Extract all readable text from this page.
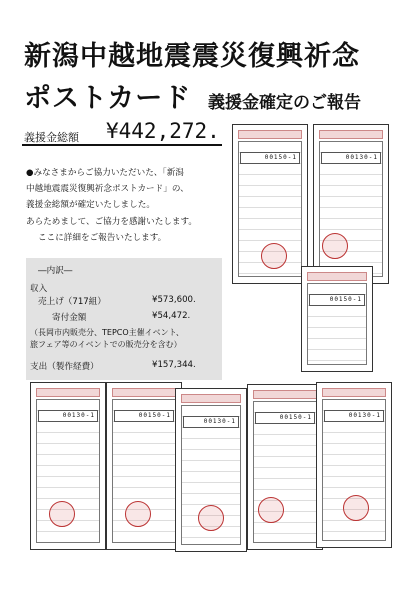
新潟中越地震震災復興祈念
ポストカード 義援金確定のご報告
義援金総額 ¥442,272.
●みなさまからご協力いただいた、「新潟
中越地震震災復興祈念ポストカード」の、
義援金総額が確定いたしました。
あらためまして、ご協力を感謝いたします。
ここに詳細をご報告いたします。
―内訳―
収入
売上げ（717組）	¥573,600.
寄付金額	¥54,472.
（長岡市内販売分、TEPCO主催イベント、
旅フェア等のイベントでの販売分を含む）
支出（製作経費）	¥157,344.
00150-1	00130-1
00150-1
00130-1	00150-1
00130-1
00150-1	00130-1
